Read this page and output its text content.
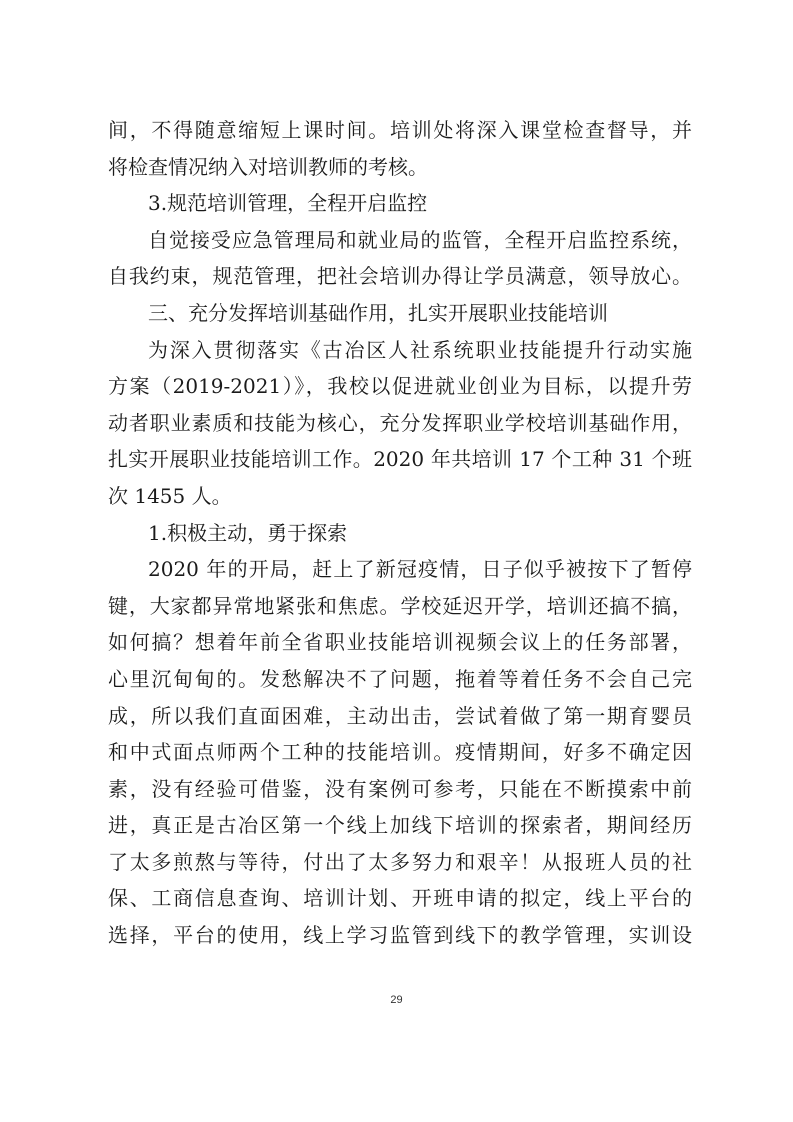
间，不得随意缩短上课时间。培训处将深入课堂检查督导，并
将检查情况纳入对培训教师的考核。
3.规范培训管理，全程开启监控
自觉接受应急管理局和就业局的监管，全程开启监控系统，
自我约束，规范管理，把社会培训办得让学员满意，领导放心。
三、充分发挥培训基础作用，扎实开展职业技能培训
为深入贯彻落实《古冶区人社系统职业技能提升行动实施
方案（2019-2021）》，我校以促进就业创业为目标，以提升劳
动者职业素质和技能为核心，充分发挥职业学校培训基础作用，
扎实开展职业技能培训工作。2020 年共培训 17 个工种 31 个班
次 1455 人。
1.积极主动，勇于探索
2020 年的开局，赶上了新冠疫情，日子似乎被按下了暂停
键，大家都异常地紧张和焦虑。学校延迟开学，培训还搞不搞，
如何搞？想着年前全省职业技能培训视频会议上的任务部署，
心里沉甸甸的。发愁解决不了问题，拖着等着任务不会自己完
成，所以我们直面困难，主动出击，尝试着做了第一期育婴员
和中式面点师两个工种的技能培训。疫情期间，好多不确定因
素，没有经验可借鉴，没有案例可参考，只能在不断摸索中前
进，真正是古冶区第一个线上加线下培训的探索者，期间经历
了太多煎熬与等待，付出了太多努力和艰辛！从报班人员的社
保、工商信息查询、培训计划、开班申请的拟定，线上平台的
选择，平台的使用，线上学习监管到线下的教学管理，实训设
29
